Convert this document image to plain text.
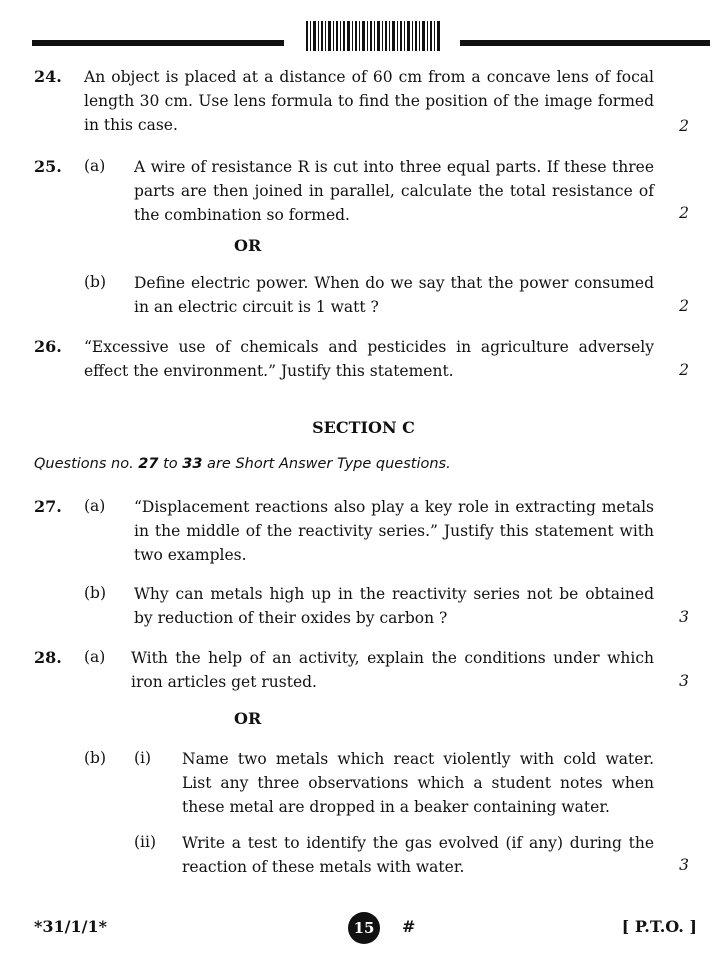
24. An object is placed at a distance of 60 cm from a concave lens of focal length 30 cm. Use lens formula to find the position of the image formed in this case.	2
25. (a) A wire of resistance R is cut into three equal parts. If these three parts are then joined in parallel, calculate the total resistance of the combination so formed.	2
OR
(b) Define electric power. When do we say that the power consumed in an electric circuit is 1 watt ?	2
26. “Excessive use of chemicals and pesticides in agriculture adversely effect the environment.” Justify this statement.	2
SECTION C
Questions no. 27 to 33 are Short Answer Type questions.
27. (a) “Displacement reactions also play a key role in extracting metals in the middle of the reactivity series.” Justify this statement with two examples.
(b) Why can metals high up in the reactivity series not be obtained by reduction of their oxides by carbon ?	3
28. (a) With the help of an activity, explain the conditions under which iron articles get rusted.	3
OR
(b) (i) Name two metals which react violently with cold water. List any three observations which a student notes when these metal are dropped in a beaker containing water.
(ii) Write a test to identify the gas evolved (if any) during the reaction of these metals with water.	3
*31/1/1*	15	#	[ P.T.O. ]
